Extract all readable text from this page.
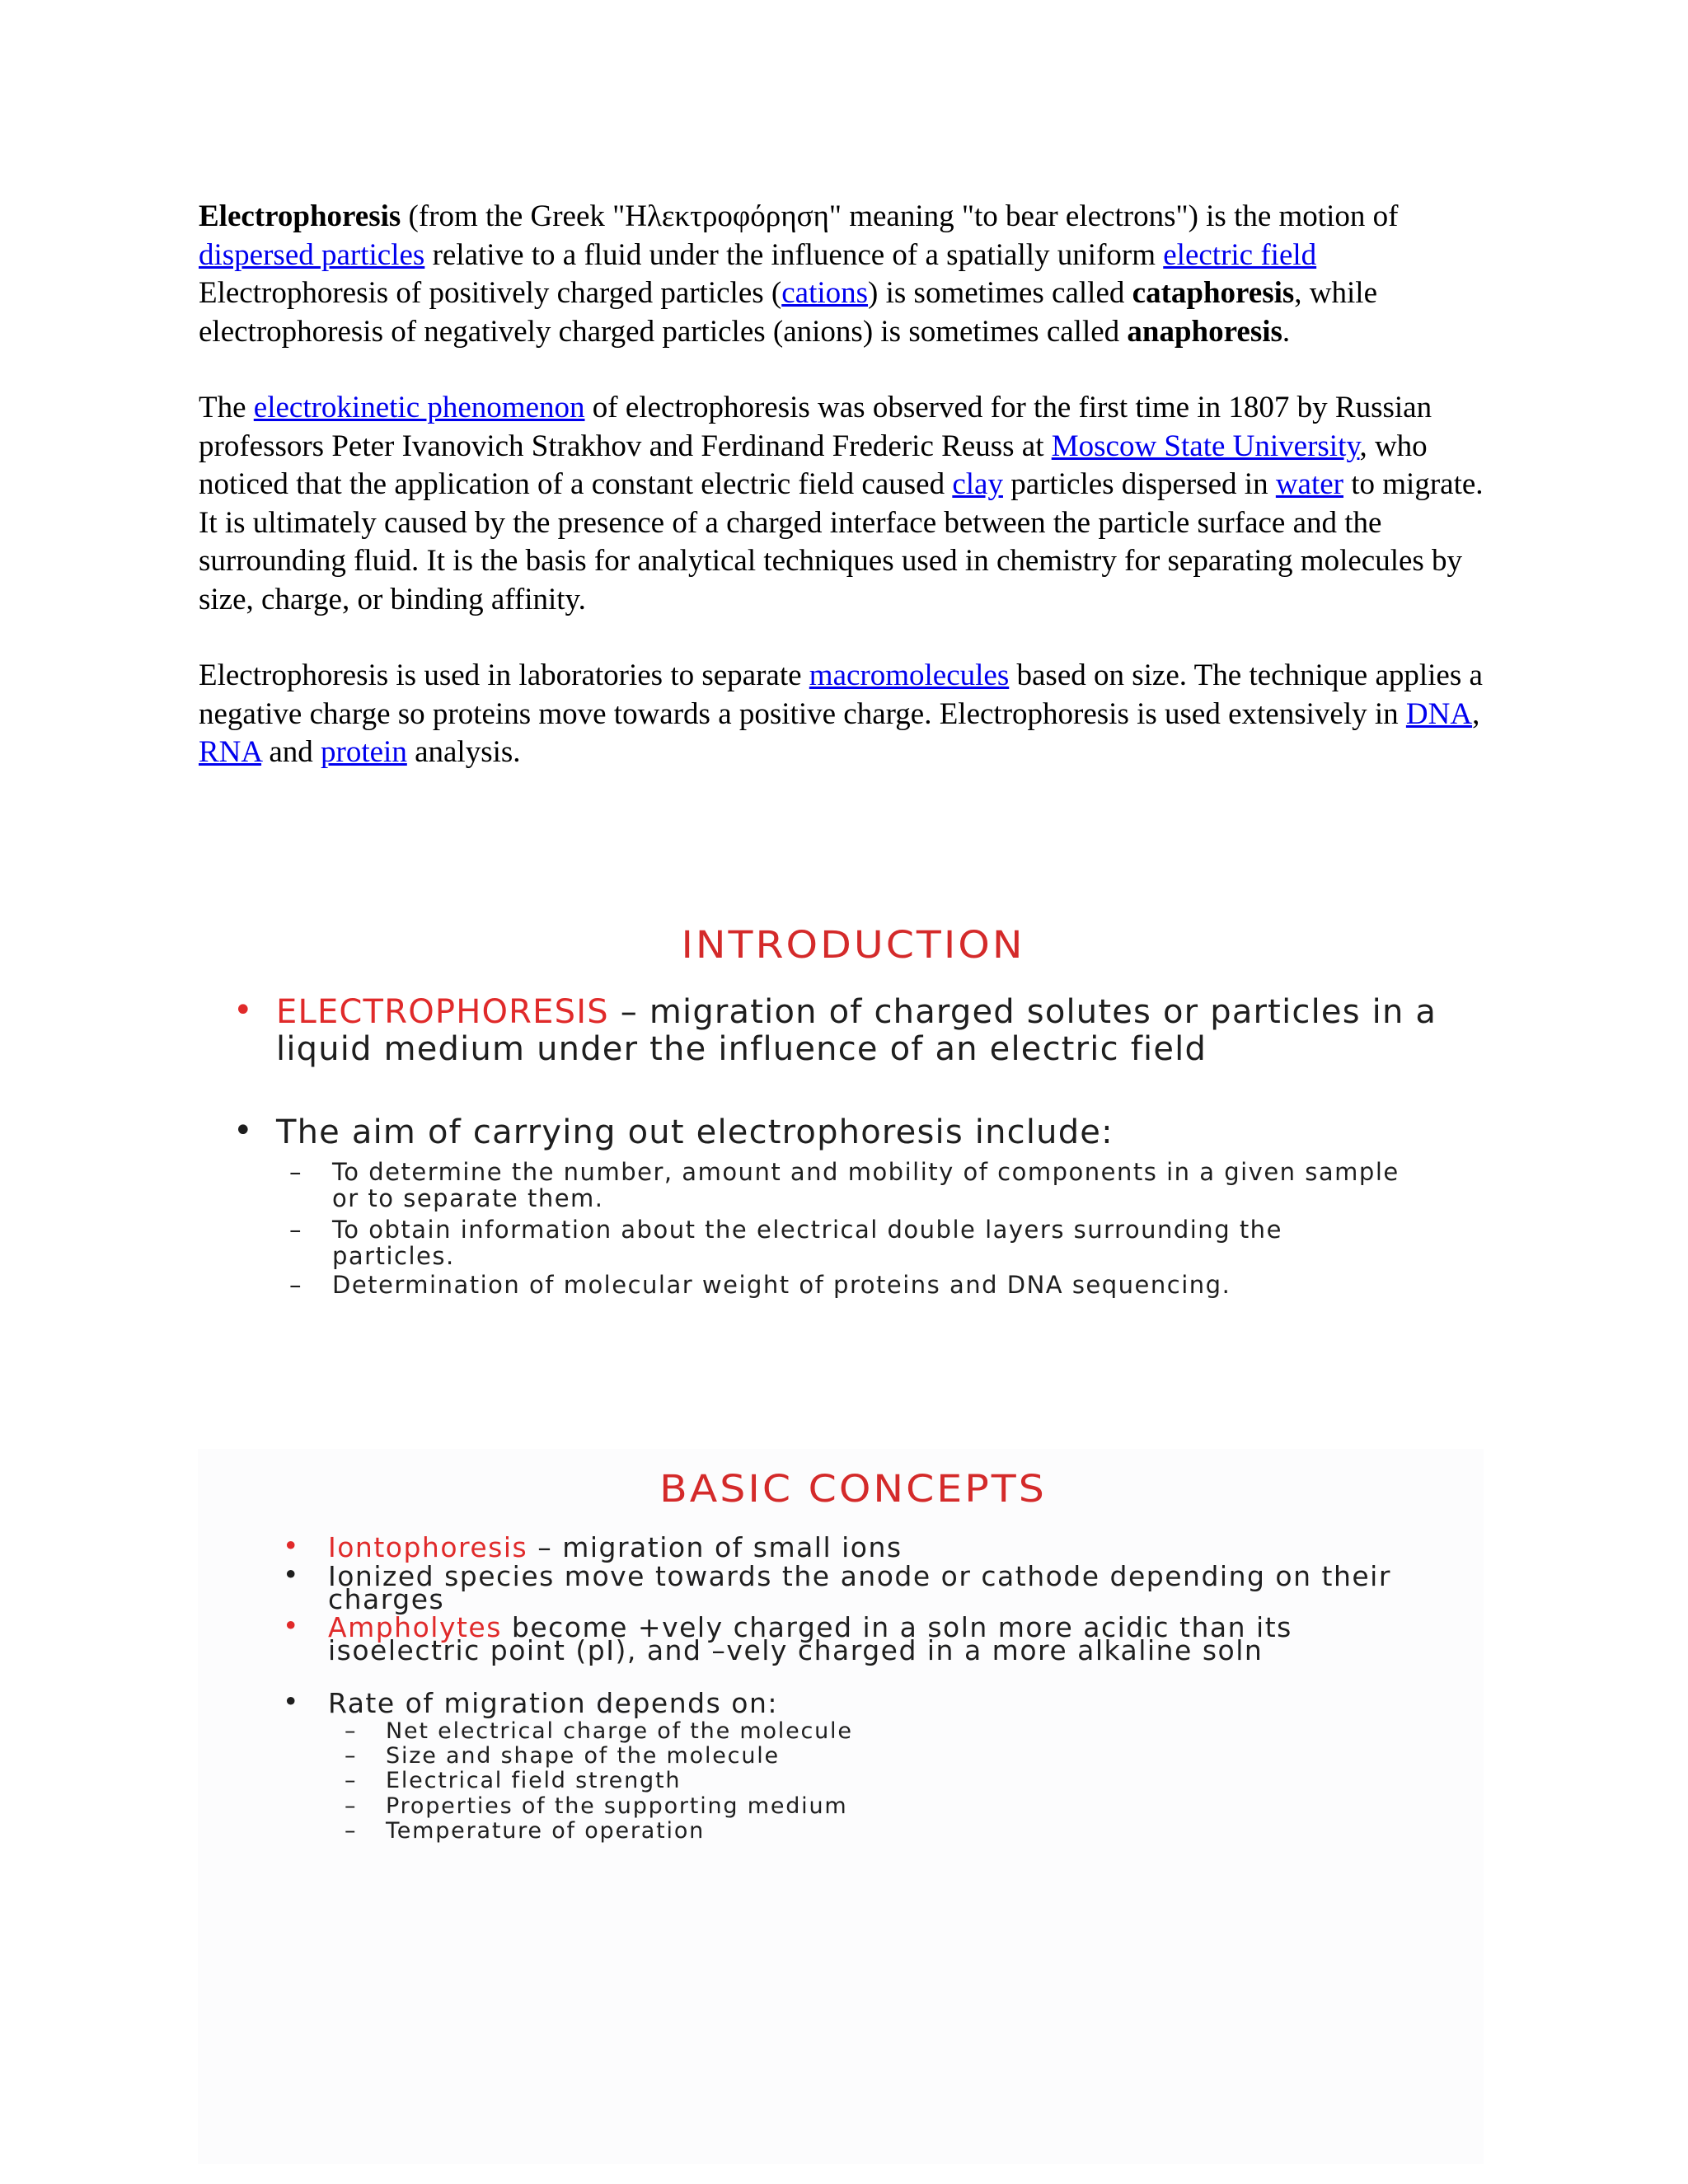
Electrophoresis (from the Greek "Ηλεκτροφόρηση" meaning "to bear electrons") is the motion of dispersed particles relative to a fluid under the influence of a spatially uniform electric field Electrophoresis of positively charged particles (cations) is sometimes called cataphoresis, while electrophoresis of negatively charged particles (anions) is sometimes called anaphoresis.
The electrokinetic phenomenon of electrophoresis was observed for the first time in 1807 by Russian professors Peter Ivanovich Strakhov and Ferdinand Frederic Reuss at Moscow State University, who noticed that the application of a constant electric field caused clay particles dispersed in water to migrate. It is ultimately caused by the presence of a charged interface between the particle surface and the surrounding fluid. It is the basis for analytical techniques used in chemistry for separating molecules by size, charge, or binding affinity.
Electrophoresis is used in laboratories to separate macromolecules based on size. The technique applies a negative charge so proteins move towards a positive charge. Electrophoresis is used extensively in DNA, RNA and protein analysis.
INTRODUCTION
• ELECTROPHORESIS – migration of charged solutes or particles in a liquid medium under the influence of an electric field
• The aim of carrying out electrophoresis include:
– To determine the number, amount and mobility of components in a given sample or to separate them.
– To obtain information about the electrical double layers surrounding the particles.
– Determination of molecular weight of proteins and DNA sequencing.
BASIC CONCEPTS
• Iontophoresis – migration of small ions
• Ionized species move towards the anode or cathode depending on their charges
• Ampholytes become +vely charged in a soln more acidic than its isoelectric point (pI), and –vely charged in a more alkaline soln
• Rate of migration depends on:
– Net electrical charge of the molecule
– Size and shape of the molecule
– Electrical field strength
– Properties of the supporting medium
– Temperature of operation
